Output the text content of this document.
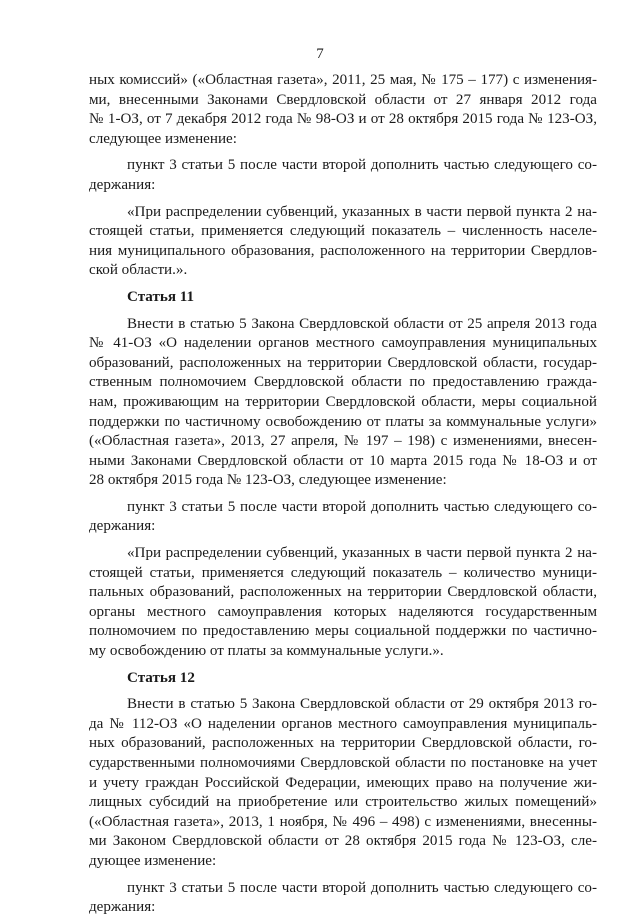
7
ных комиссий» («Областная газета», 2011, 25 мая, № 175 – 177) с изменения-
ми, внесенными Законами Свердловской области от 27 января 2012 года
№ 1-ОЗ, от 7 декабря 2012 года № 98-ОЗ и от 28 октября 2015 года № 123-ОЗ,
следующее изменение:
пункт 3 статьи 5 после части второй дополнить частью следующего со-
держания:
«При распределении субвенций, указанных в части первой пункта 2 на-
стоящей статьи, применяется следующий показатель – численность населе-
ния муниципального образования, расположенного на территории Свердлов-
ской области.».
Статья 11
Внести в статью 5 Закона Свердловской области от 25 апреля 2013 года
№ 41-ОЗ «О наделении органов местного самоуправления муниципальных
образований, расположенных на территории Свердловской области, государ-
ственным полномочием Свердловской области по предоставлению гражда-
нам, проживающим на территории Свердловской области, меры социальной
поддержки по частичному освобождению от платы за коммунальные услуги»
(«Областная газета», 2013, 27 апреля, № 197 – 198) с изменениями, внесен-
ными Законами Свердловской области от 10 марта 2015 года № 18-ОЗ и от
28 октября 2015 года № 123-ОЗ, следующее изменение:
пункт 3 статьи 5 после части второй дополнить частью следующего со-
держания:
«При распределении субвенций, указанных в части первой пункта 2 на-
стоящей статьи, применяется следующий показатель – количество муници-
пальных образований, расположенных на территории Свердловской области,
органы местного самоуправления которых наделяются государственным
полномочием по предоставлению меры социальной поддержки по частично-
му освобождению от платы за коммунальные услуги.».
Статья 12
Внести в статью 5 Закона Свердловской области от 29 октября 2013 го-
да № 112-ОЗ «О наделении органов местного самоуправления муниципаль-
ных образований, расположенных на территории Свердловской области, го-
сударственными полномочиями Свердловской области по постановке на учет
и учету граждан Российской Федерации, имеющих право на получение жи-
лищных субсидий на приобретение или строительство жилых помещений»
(«Областная газета», 2013, 1 ноября, № 496 – 498) с изменениями, внесенны-
ми Законом Свердловской области от 28 октября 2015 года № 123-ОЗ, сле-
дующее изменение:
пункт 3 статьи 5 после части второй дополнить частью следующего со-
держания:
